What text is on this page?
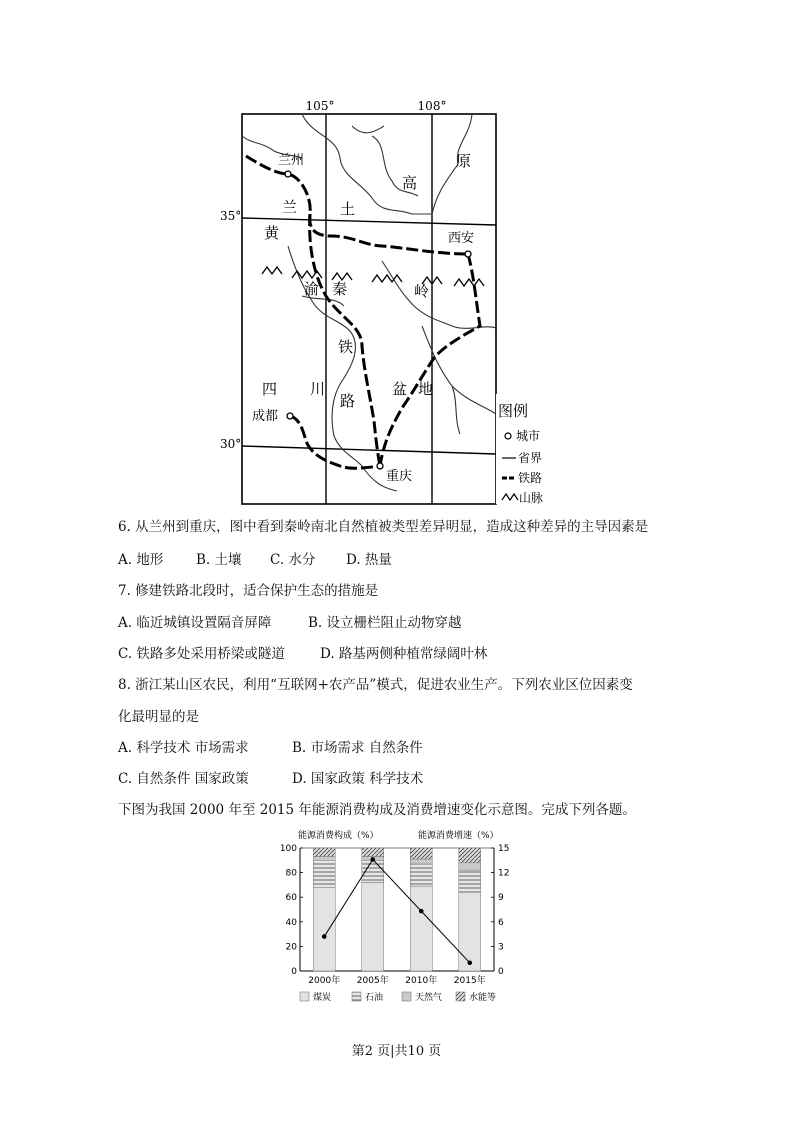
105°	108°
35°
30°
兰州
西安
成都
重庆
兰	土
高
原
黄
渝 秦	岭
铁
路
四 川	盆 地
图例
城市
省界
铁路
山脉
6. 从兰州到重庆，图中看到秦岭南北自然植被类型差异明显，造成这种差异的主导因素是
A. 地形 B. 土壤 C. 水分 D. 热量
7. 修建铁路北段时，适合保护生态的措施是
A. 临近城镇设置隔音屏障	B. 设立栅栏阻止动物穿越
C. 铁路多处采用桥梁或隧道	D. 路基两侧种植常绿阔叶林
8. 浙江某山区农民，利用“互联网+农产品”模式，促进农业生产。下列农业区位因素变
化最明显的是
A. 科学技术 市场需求	B. 市场需求 自然条件
C. 自然条件 国家政策	D. 国家政策 科学技术
下图为我国 2000 年至 2015 年能源消费构成及消费增速变化示意图。完成下列各题。
能源消费构成（%）	能源消费增速（%）
0
20
40
60
80
100
0
3
6
9
12
15
2000年 2005年 2010年 2015年
煤炭	石油	天然气	水能等
第2 页|共10 页
